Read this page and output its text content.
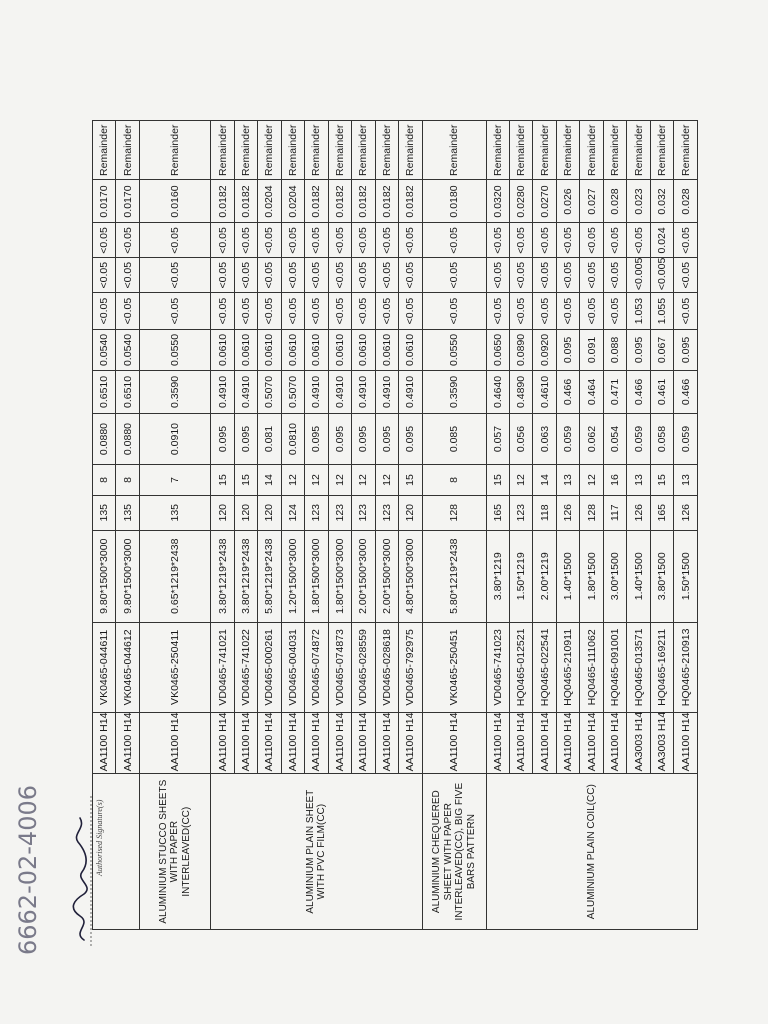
	AA1100 H14	VK0465-044611	9.80*1500*3000	135	8	0.0880	0.6510	0.0540	<0.05	<0.05	<0.05	0.0170	Remainder
	AA1100 H14	VK0465-044612	9.80*1500*3000	135	8	0.0880	0.6510	0.0540	<0.05	<0.05	<0.05	0.0170	Remainder
ALUMINIUM STUCCO SHEETS WITH PAPER INTERLEAVED(CC)	AA1100 H14	VK0465-250411	0.65*1219*2438	135	7	0.0910	0.3590	0.0550	<0.05	<0.05	<0.05	0.0160	Remainder
ALUMINIUM PLAIN SHEET WITH PVC FILM(CC)	AA1100 H14	VD0465-741021	3.80*1219*2438	120	15	0.095	0.4910	0.0610	<0.05	<0.05	<0.05	0.0182	Remainder
	AA1100 H14	VD0465-741022	3.80*1219*2438	120	15	0.095	0.4910	0.0610	<0.05	<0.05	<0.05	0.0182	Remainder
	AA1100 H14	VD0465-000261	5.80*1219*2438	120	14	0.081	0.5070	0.0610	<0.05	<0.05	<0.05	0.0204	Remainder
	AA1100 H14	VD0465-004031	1.20*1500*3000	124	12	0.0810	0.5070	0.0610	<0.05	<0.05	<0.05	0.0204	Remainder
	AA1100 H14	VD0465-074872	1.80*1500*3000	123	12	0.095	0.4910	0.0610	<0.05	<0.05	<0.05	0.0182	Remainder
	AA1100 H14	VD0465-074873	1.80*1500*3000	123	12	0.095	0.4910	0.0610	<0.05	<0.05	<0.05	0.0182	Remainder
	AA1100 H14	VD0465-028559	2.00*1500*3000	123	12	0.095	0.4910	0.0610	<0.05	<0.05	<0.05	0.0182	Remainder
	AA1100 H14	VD0465-028618	2.00*1500*3000	123	12	0.095	0.4910	0.0610	<0.05	<0.05	<0.05	0.0182	Remainder
	AA1100 H14	VD0465-792975	4.80*1500*3000	120	15	0.095	0.4910	0.0610	<0.05	<0.05	<0.05	0.0182	Remainder
ALUMINIUM CHEQUERED SHEET WITH PAPER INTERLEAVED(CC), BIG FIVE BARS PATTERN	AA1100 H14	VK0465-250451	5.80*1219*2438	128	8	0.085	0.3590	0.0550	<0.05	<0.05	<0.05	0.0180	Remainder
ALUMINIUM PLAIN COIL(CC)	AA1100 H14	VD0465-741023	3.80*1219	165	15	0.057	0.4640	0.0650	<0.05	<0.05	<0.05	0.0320	Remainder
	AA1100 H14	HQ0465-012521	1.50*1219	123	12	0.056	0.4890	0.0890	<0.05	<0.05	<0.05	0.0280	Remainder
	AA1100 H14	HQ0465-022541	2.00*1219	118	14	0.063	0.4610	0.0920	<0.05	<0.05	<0.05	0.0270	Remainder
	AA1100 H14	HQ0465-210911	1.40*1500	126	13	0.059	0.466	0.095	<0.05	<0.05	<0.05	0.026	Remainder
	AA1100 H14	HQ0465-111062	1.80*1500	128	12	0.062	0.464	0.091	<0.05	<0.05	<0.05	0.027	Remainder
	AA1100 H14	HQ0465-091001	3.00*1500	117	16	0.054	0.471	0.088	<0.05	<0.05	<0.05	0.028	Remainder
	AA3003 H14	HQ0465-013571	1.40*1500	126	13	0.059	0.466	0.095	1.053	<0.005	<0.05	0.023	Remainder
	AA3003 H14	HQ0465-169211	3.80*1500	165	15	0.058	0.461	0.067	1.055	<0.005	0.024	0.032	Remainder
	AA1100 H14	HQ0465-210913	1.50*1500	126	13	0.059	0.466	0.095	<0.05	<0.05	<0.05	0.028	Remainder
Authorised Signature(s)
6662-02-4006
